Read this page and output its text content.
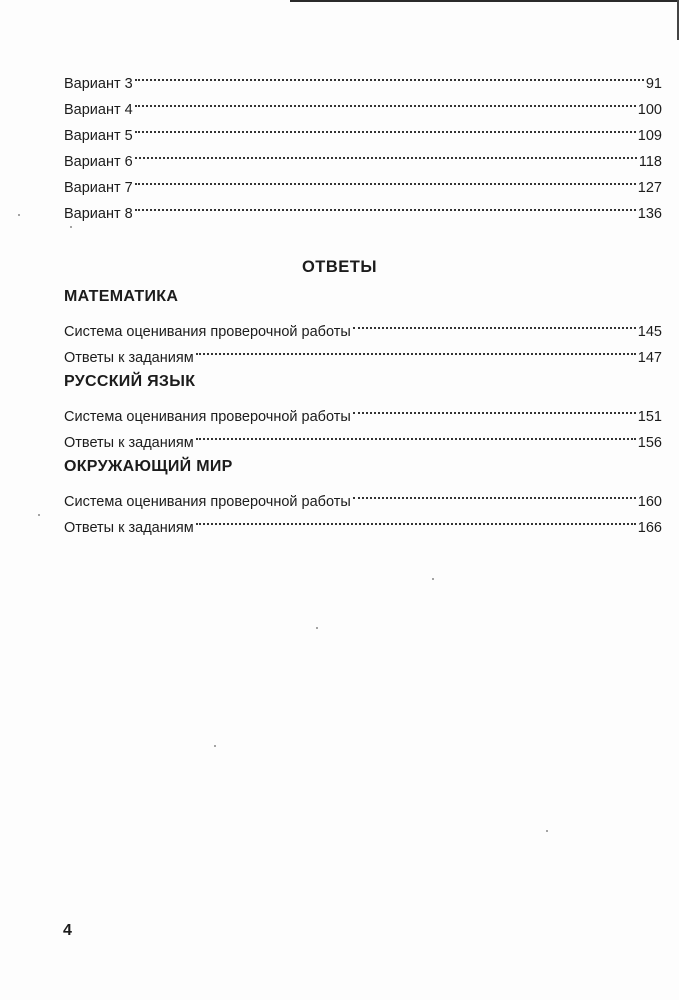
Вариант 3	91
Вариант 4	100
Вариант 5	109
Вариант 6	118
Вариант 7	127
Вариант 8	136
ОТВЕТЫ
МАТЕМАТИКА
Система оценивания проверочной работы	145
Ответы к заданиям	147
РУССКИЙ ЯЗЫК
Система оценивания проверочной работы	151
Ответы к заданиям	156
ОКРУЖАЮЩИЙ МИР
Система оценивания проверочной работы	160
Ответы к заданиям	166
4
